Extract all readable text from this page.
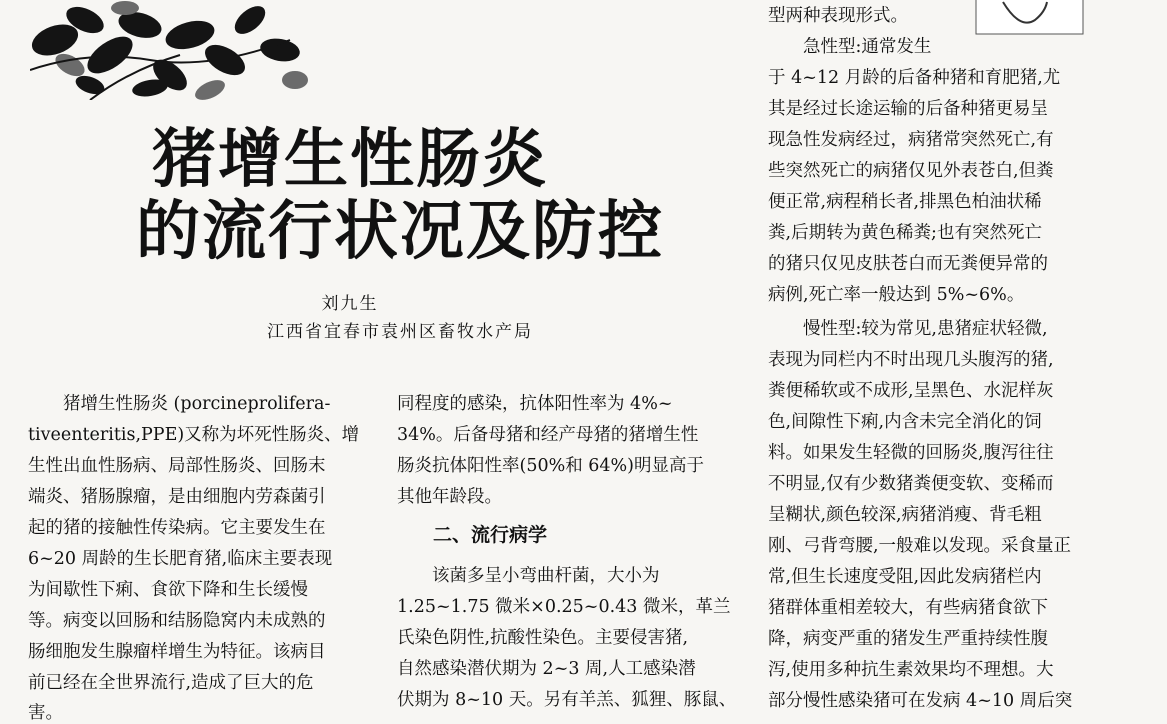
猪增生性肠炎
的流行状况及防控
刘九生
江西省宜春市袁州区畜牧水产局
　　猪增生性肠炎 (porcineprolifera-
tiveenteritis,PPE)又称为坏死性肠炎、增
生性出血性肠病、局部性肠炎、回肠末
端炎、猪肠腺瘤，是由细胞内劳森菌引
起的猪的接触性传染病。它主要发生在
6~20 周龄的生长肥育猪,临床主要表现
为间歇性下痢、食欲下降和生长缓慢
等。病变以回肠和结肠隐窝内未成熟的
肠细胞发生腺瘤样增生为特征。该病目
前已经在全世界流行,造成了巨大的危
害。
同程度的感染，抗体阳性率为 4%~
34%。后备母猪和经产母猪的猪增生性
肠炎抗体阳性率(50%和 64%)明显高于
其他年龄段。
　　该菌多呈小弯曲杆菌，大小为
1.25~1.75 微米×0.25~0.43 微米，革兰
氏染色阴性,抗酸性染色。主要侵害猪,
自然感染潜伏期为 2~3 周,人工感染潜
伏期为 8~10 天。另有羊羔、狐狸、豚鼠、
二、流行病学
型两种表现形式。
　　急性型:通常发生
于 4~12 月龄的后备种猪和育肥猪,尤
其是经过长途运输的后备种猪更易呈
现急性发病经过，病猪常突然死亡,有
些突然死亡的病猪仅见外表苍白,但粪
便正常,病程稍长者,排黑色柏油状稀
粪,后期转为黄色稀粪;也有突然死亡
的猪只仅见皮肤苍白而无粪便异常的
病例,死亡率一般达到 5%~6%。
　　慢性型:较为常见,患猪症状轻微,
表现为同栏内不时出现几头腹泻的猪,
粪便稀软或不成形,呈黑色、水泥样灰
色,间隙性下痢,内含未完全消化的饲
料。如果发生轻微的回肠炎,腹泻往往
不明显,仅有少数猪粪便变软、变稀而
呈糊状,颜色较深,病猪消瘦、背毛粗
刚、弓背弯腰,一般难以发现。采食量正
常,但生长速度受阻,因此发病猪栏内
猪群体重相差较大，有些病猪食欲下
降，病变严重的猪发生严重持续性腹
泻,使用多种抗生素效果均不理想。大
部分慢性感染猪可在发病 4~10 周后突
